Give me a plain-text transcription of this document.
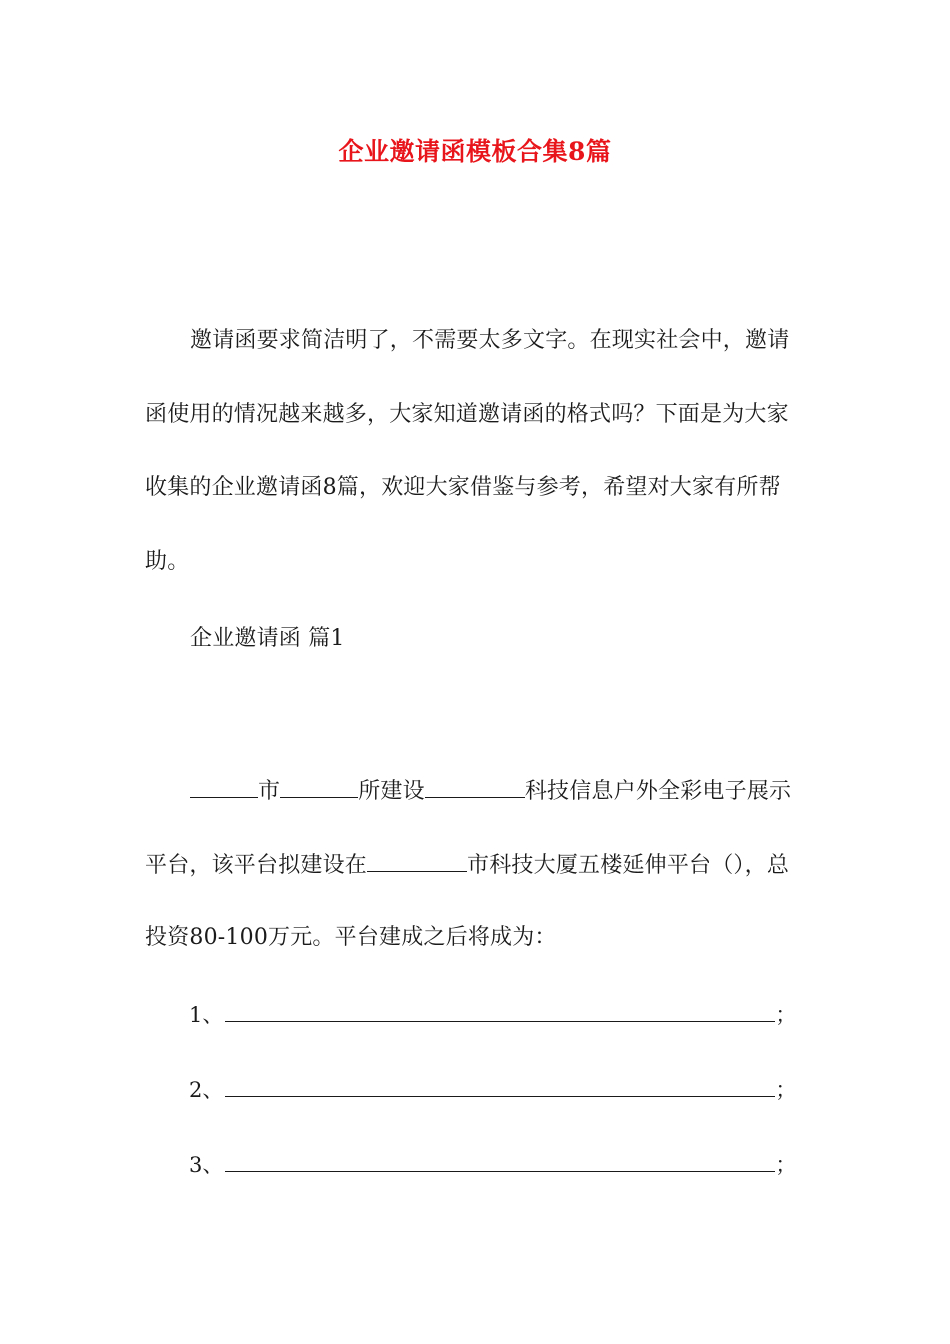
企业邀请函模板合集8篇
邀请函要求简洁明了，不需要太多文字。在现实社会中，邀请
函使用的情况越来越多，大家知道邀请函的格式吗？下面是为大家
收集的企业邀请函8篇，欢迎大家借鉴与参考，希望对大家有所帮
助。
企业邀请函 篇1
市	所建设	科技信息户外全彩电子展示
平台，该平台拟建设在	市科技大厦五楼延伸平台（），总
投资80-100万元。平台建成之后将成为：
1、	；
2、	；
3、	；
